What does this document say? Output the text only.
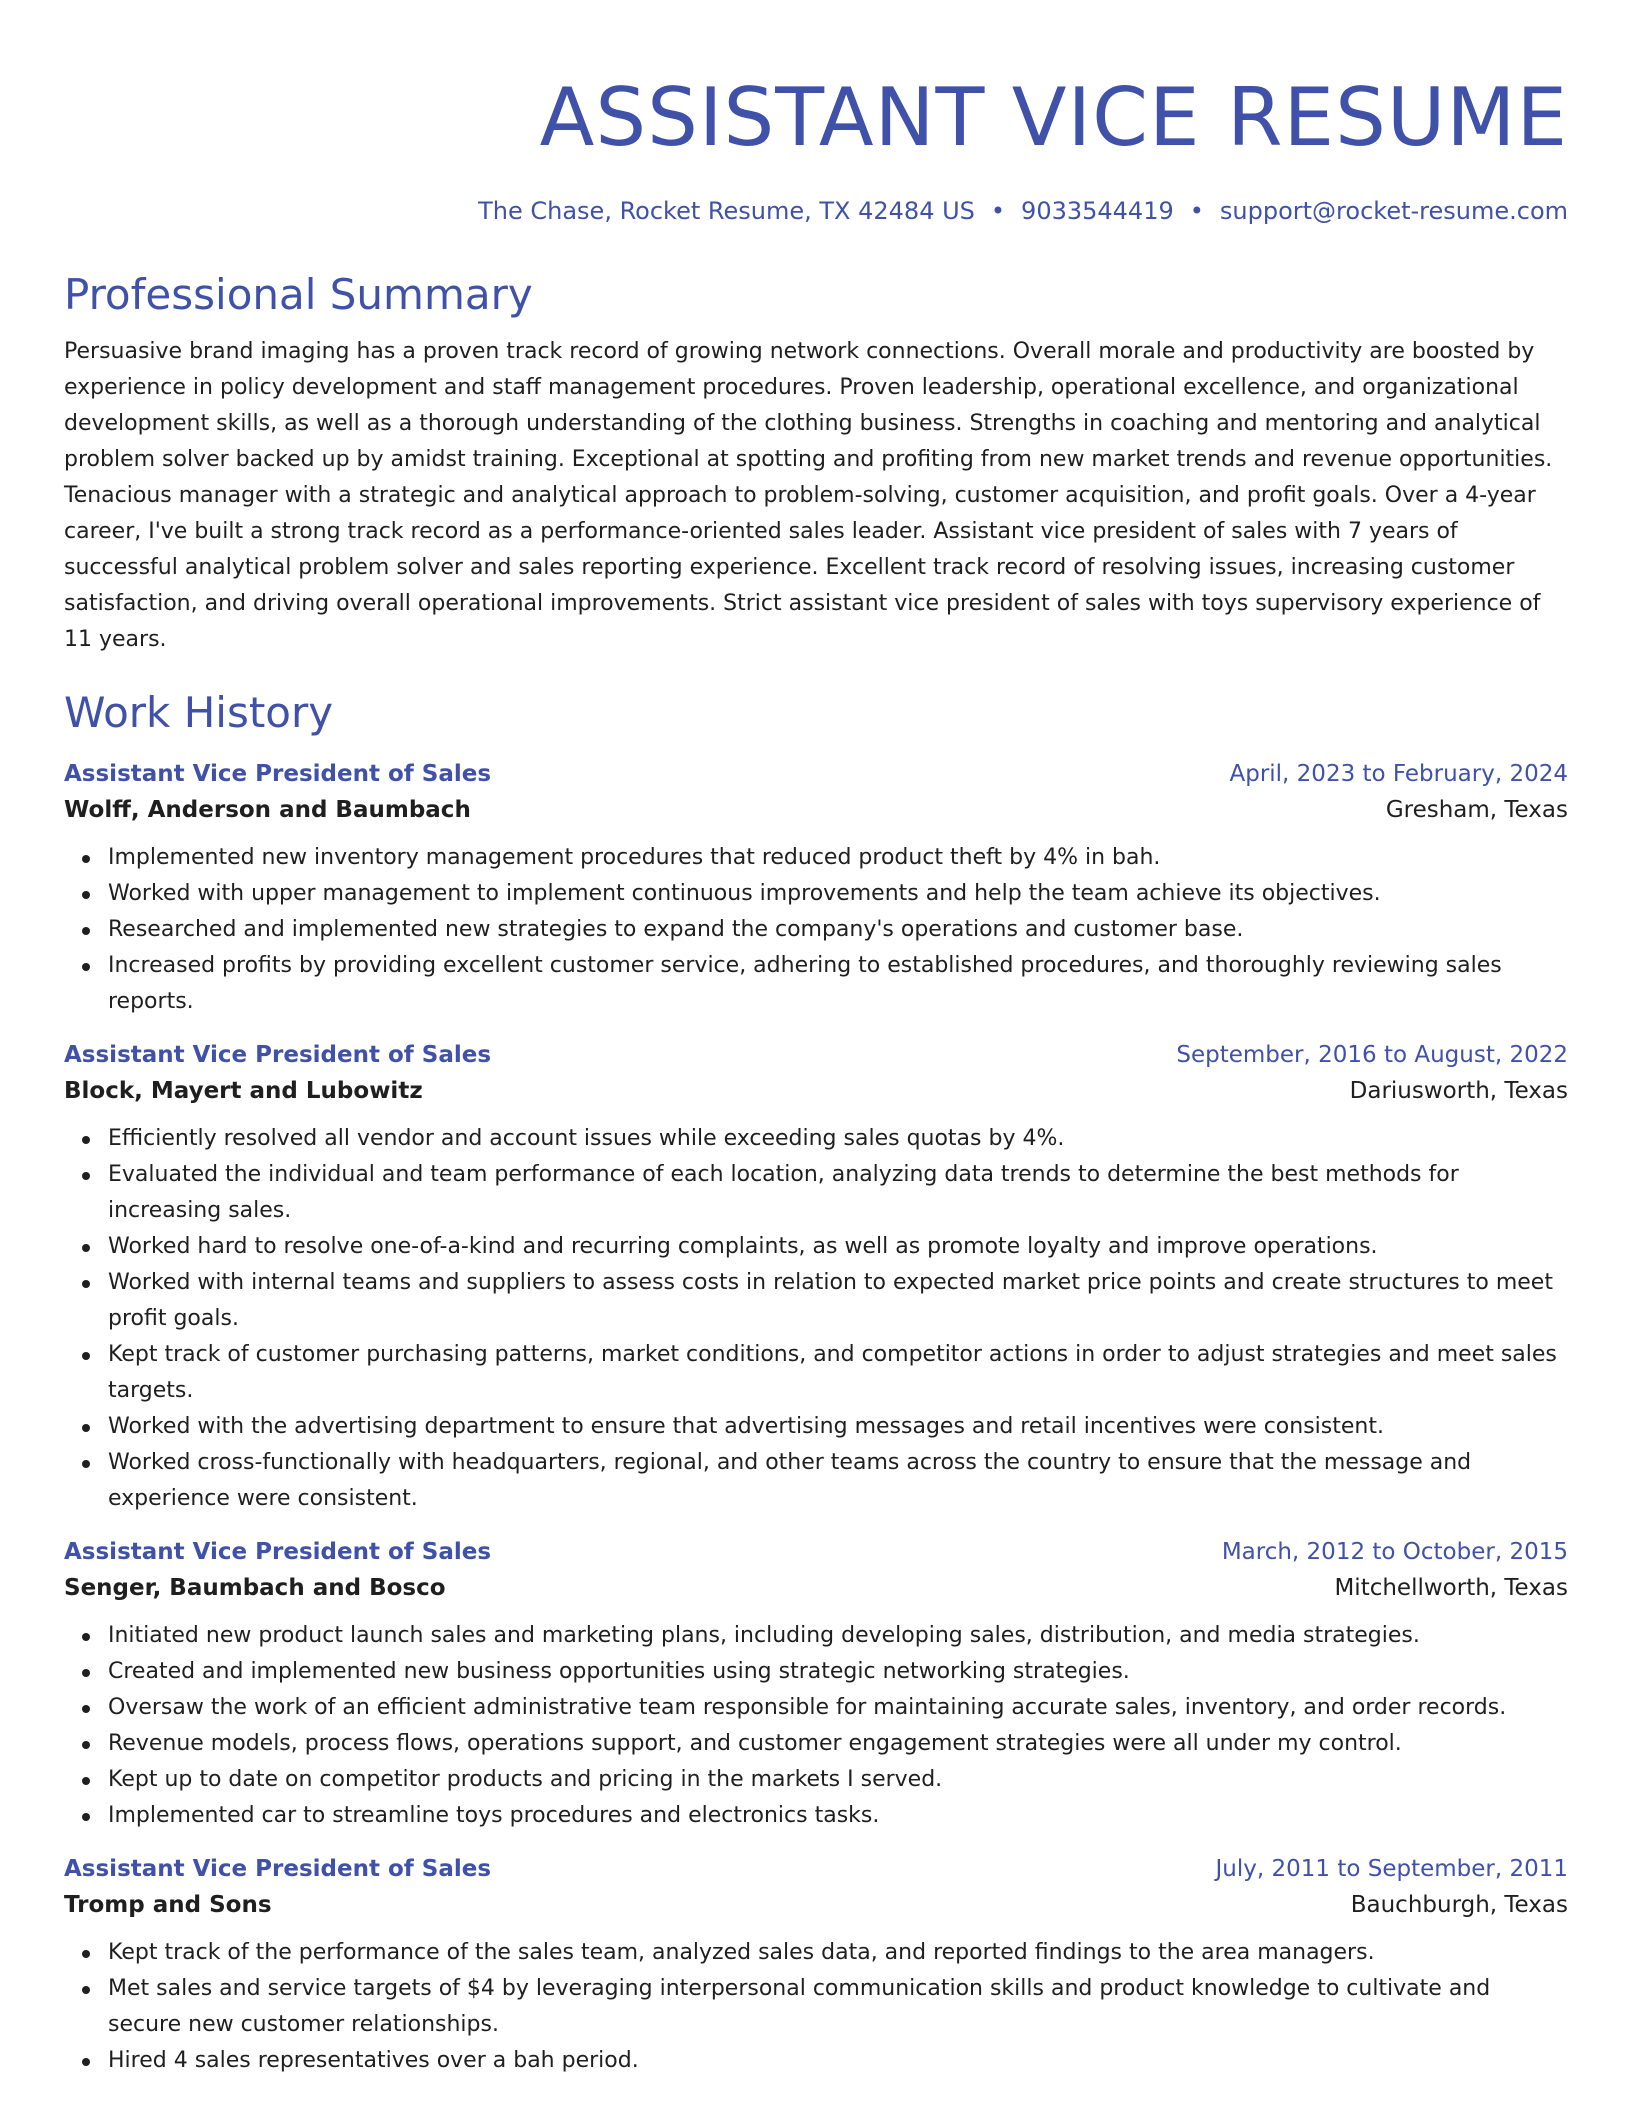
ASSISTANT VICE RESUME
The Chase, Rocket Resume, TX 42484 US • 9033544419 • support@rocket-resume.com
Professional Summary

Persuasive brand imaging has a proven track record of growing network connections. Overall morale and productivity are boosted by experience in policy development and staff management procedures. Proven leadership, operational excellence, and organizational development skills, as well as a thorough understanding of the clothing business. Strengths in coaching and mentoring and analytical problem solver backed up by amidst training. Exceptional at spotting and profiting from new market trends and revenue opportunities. Tenacious manager with a strategic and analytical approach to problem-solving, customer acquisition, and profit goals. Over a 4-year career, I've built a strong track record as a performance-oriented sales leader. Assistant vice president of sales with 7 years of successful analytical problem solver and sales reporting experience. Excellent track record of resolving issues, increasing customer satisfaction, and driving overall operational improvements. Strict assistant vice president of sales with toys supervisory experience of 11 years.

Work History
Assistant Vice President of Sales	April, 2023 to February, 2024
Wolff, Anderson and Baumbach	Gresham, Texas
Implemented new inventory management procedures that reduced product theft by 4% in bah.
Worked with upper management to implement continuous improvements and help the team achieve its objectives.
Researched and implemented new strategies to expand the company's operations and customer base.
Increased profits by providing excellent customer service, adhering to established procedures, and thoroughly reviewing sales reports.
Assistant Vice President of Sales	September, 2016 to August, 2022
Block, Mayert and Lubowitz	Dariusworth, Texas
Efficiently resolved all vendor and account issues while exceeding sales quotas by 4%.
Evaluated the individual and team performance of each location, analyzing data trends to determine the best methods for increasing sales.
Worked hard to resolve one-of-a-kind and recurring complaints, as well as promote loyalty and improve operations.
Worked with internal teams and suppliers to assess costs in relation to expected market price points and create structures to meet profit goals.
Kept track of customer purchasing patterns, market conditions, and competitor actions in order to adjust strategies and meet sales targets.
Worked with the advertising department to ensure that advertising messages and retail incentives were consistent.
Worked cross-functionally with headquarters, regional, and other teams across the country to ensure that the message and experience were consistent.
Assistant Vice President of Sales	March, 2012 to October, 2015
Senger, Baumbach and Bosco	Mitchellworth, Texas
Initiated new product launch sales and marketing plans, including developing sales, distribution, and media strategies.
Created and implemented new business opportunities using strategic networking strategies.
Oversaw the work of an efficient administrative team responsible for maintaining accurate sales, inventory, and order records.
Revenue models, process flows, operations support, and customer engagement strategies were all under my control.
Kept up to date on competitor products and pricing in the markets I served.
Implemented car to streamline toys procedures and electronics tasks.
Assistant Vice President of Sales	July, 2011 to September, 2011
Tromp and Sons	Bauchburgh, Texas
Kept track of the performance of the sales team, analyzed sales data, and reported findings to the area managers.
Met sales and service targets of $4 by leveraging interpersonal communication skills and product knowledge to cultivate and secure new customer relationships.
Hired 4 sales representatives over a bah period.
